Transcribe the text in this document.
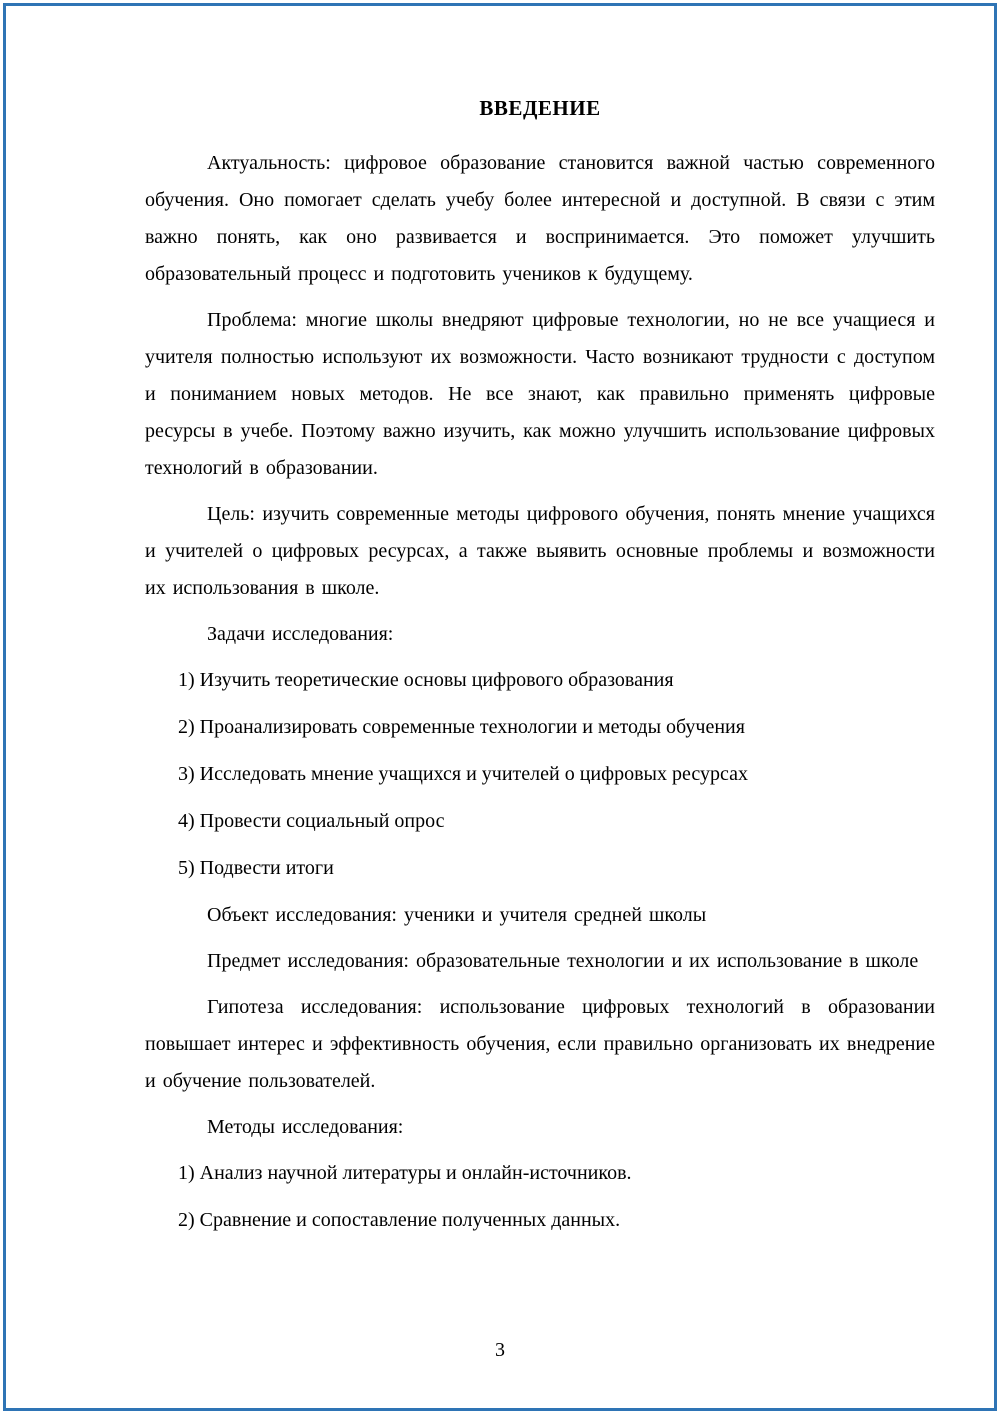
ВВЕДЕНИЕ

Актуальность: цифровое образование становится важной частью современного обучения. Оно помогает сделать учебу более интересной и доступной. В связи с этим важно понять, как оно развивается и воспринимается. Это поможет улучшить образовательный процесс и подготовить учеников к будущему.

Проблема: многие школы внедряют цифровые технологии, но не все учащиеся и учителя полностью используют их возможности. Часто возникают трудности с доступом и пониманием новых методов. Не все знают, как правильно применять цифровые ресурсы в учебе. Поэтому важно изучить, как можно улучшить использование цифровых технологий в образовании.

Цель: изучить современные методы цифрового обучения, понять мнение учащихся и учителей о цифровых ресурсах, а также выявить основные проблемы и возможности их использования в школе.

Задачи исследования:

1) Изучить теоретические основы цифрового образования
2) Проанализировать современные технологии и методы обучения
3) Исследовать мнение учащихся и учителей о цифровых ресурсах
4) Провести социальный опрос
5) Подвести итоги

Объект исследования: ученики и учителя средней школы

Предмет исследования: образовательные технологии и их использование в школе

Гипотеза исследования: использование цифровых технологий в образовании повышает интерес и эффективность обучения, если правильно организовать их внедрение и обучение пользователей.

Методы исследования:

1) Анализ научной литературы и онлайн-источников.
2) Сравнение и сопоставление полученных данных.
3
